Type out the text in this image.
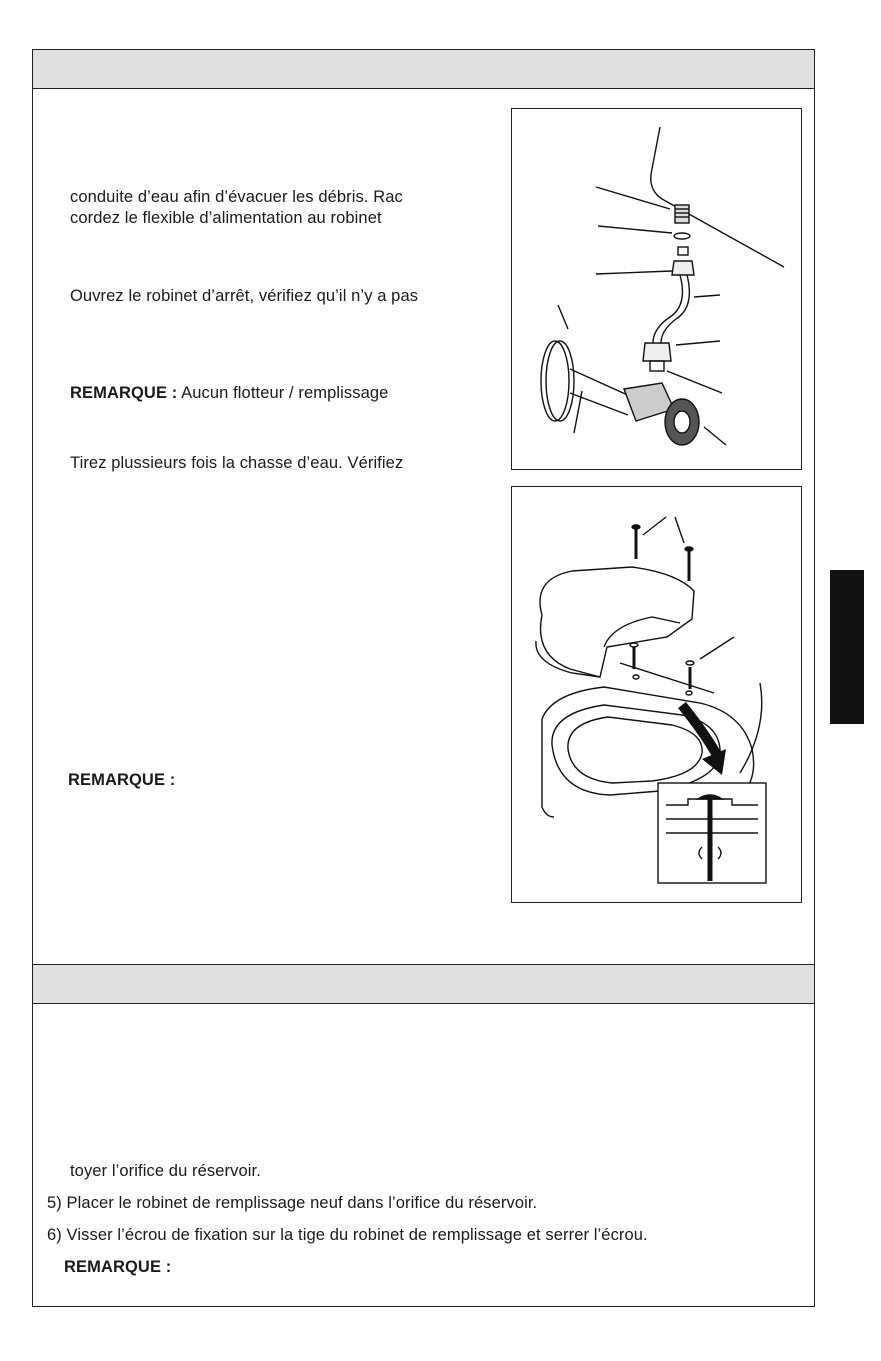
conduite d’eau afin d’évacuer les débris. Rac
cordez le flexible d’alimentation au robinet
Ouvrez le robinet d’arrêt, vérifiez qu’il n’y a pas
REMARQUE : Aucun flotteur / remplissage
Tirez plussieurs fois la chasse d’eau. Vérifiez
REMARQUE :
toyer l’orifice du réservoir.
5) Placer le robinet de remplissage neuf dans l’orifice du réservoir.
6) Visser l’écrou de fixation sur la tige du robinet de remplissage et serrer l’écrou.
REMARQUE :
